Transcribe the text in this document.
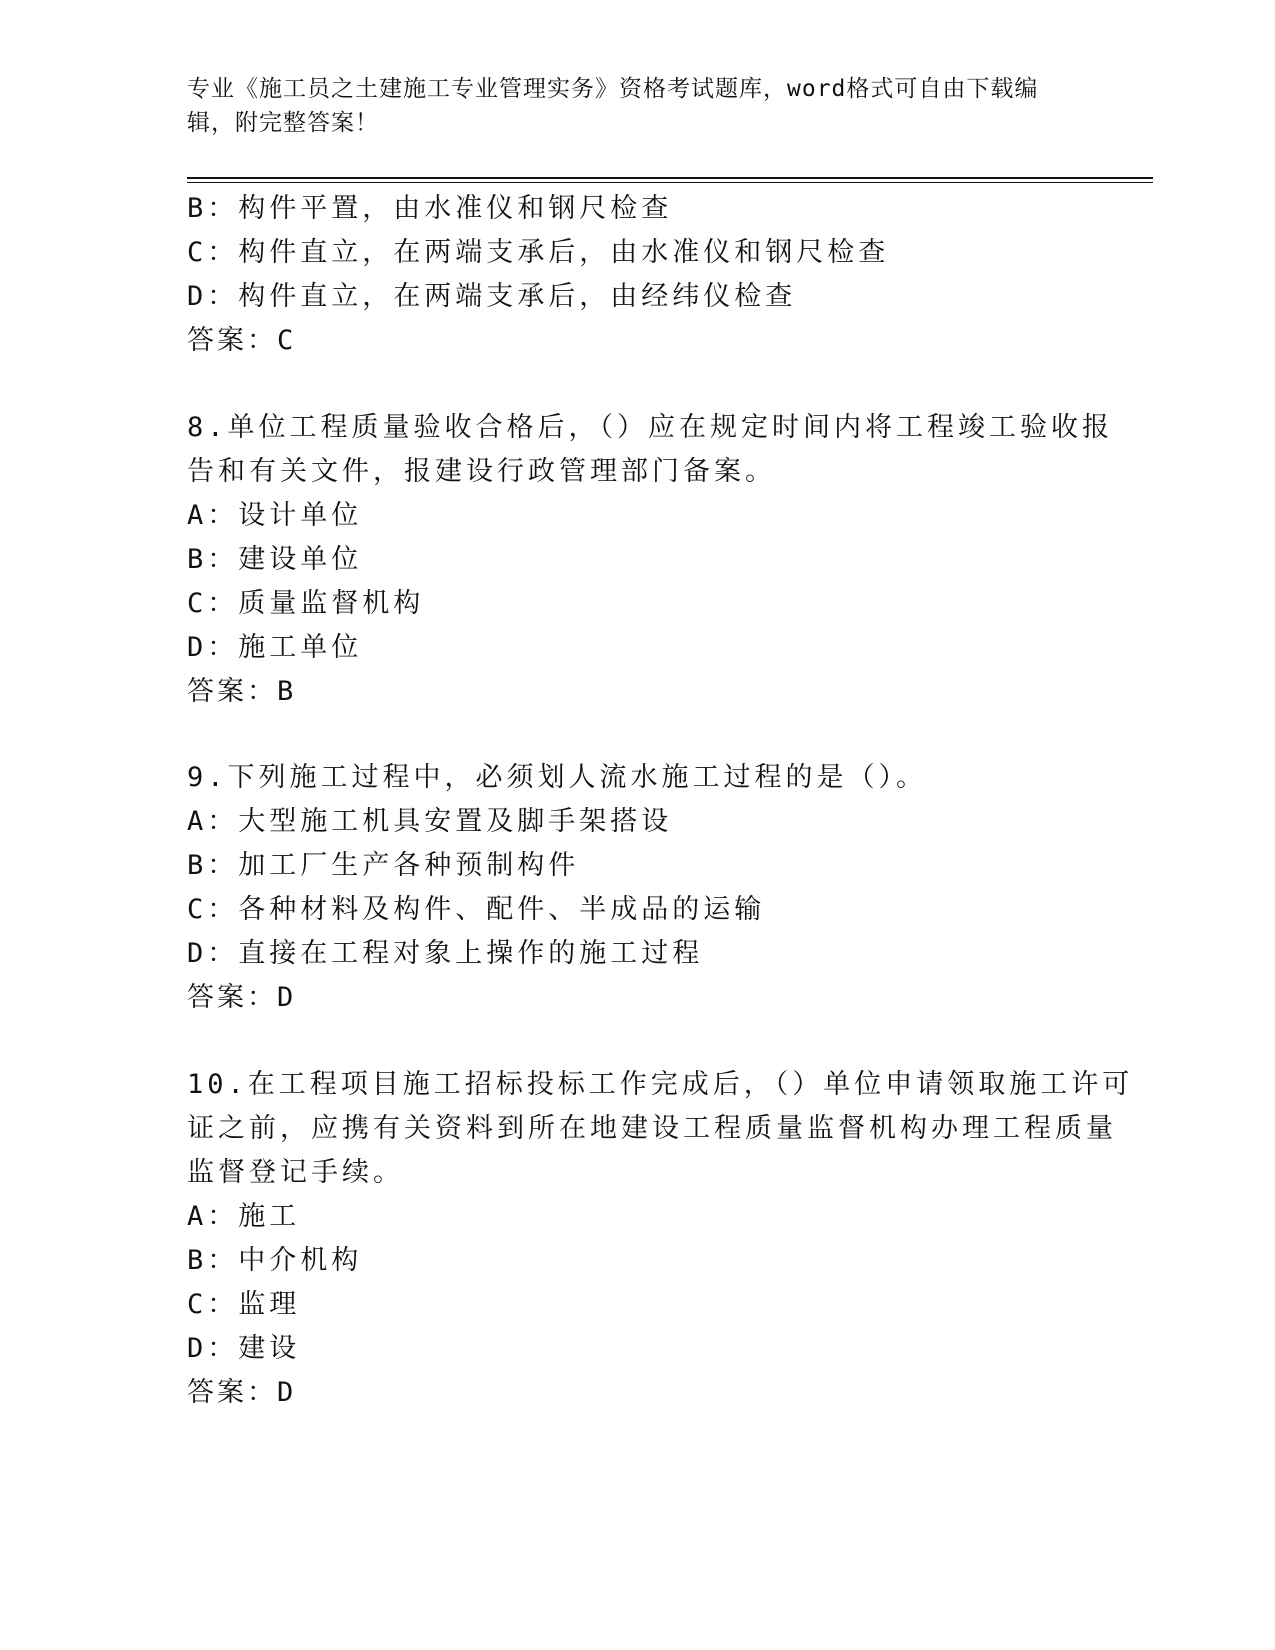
专业《施工员之土建施工专业管理实务》资格考试题库，word格式可自由下载编
辑，附完整答案！
B：构件平置，由水准仪和钢尺检查
C：构件直立，在两端支承后，由水准仪和钢尺检查
D：构件直立，在两端支承后，由经纬仪检查
答案：C
8.单位工程质量验收合格后，（）应在规定时间内将工程竣工验收报
告和有关文件，报建设行政管理部门备案。
A：设计单位
B：建设单位
C：质量监督机构
D：施工单位
答案：B
9.下列施工过程中，必须划人流水施工过程的是（）。
A：大型施工机具安置及脚手架搭设
B：加工厂生产各种预制构件
C：各种材料及构件、配件、半成品的运输
D：直接在工程对象上操作的施工过程
答案：D
10.在工程项目施工招标投标工作完成后，（）单位申请领取施工许可
证之前，应携有关资料到所在地建设工程质量监督机构办理工程质量
监督登记手续。
A：施工
B：中介机构
C：监理
D：建设
答案：D
